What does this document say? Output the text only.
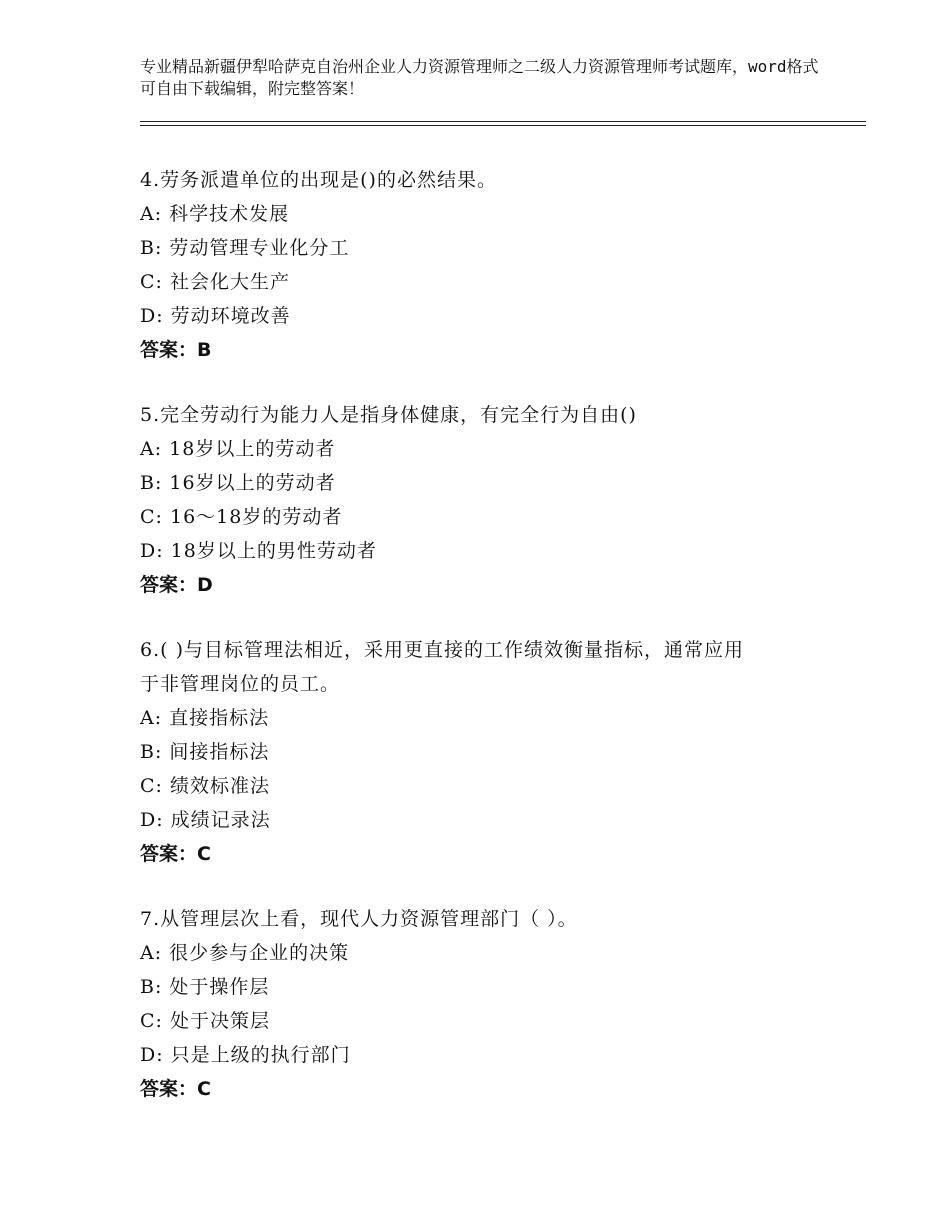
专业精品新疆伊犁哈萨克自治州企业人力资源管理师之二级人力资源管理师考试题库，word格式可自由下载编辑，附完整答案！
4.劳务派遣单位的出现是()的必然结果。
A: 科学技术发展
B: 劳动管理专业化分工
C: 社会化大生产
D: 劳动环境改善
答案：B
5.完全劳动行为能力人是指身体健康，有完全行为自由()
A: 18岁以上的劳动者
B: 16岁以上的劳动者
C: 16～18岁的劳动者
D: 18岁以上的男性劳动者
答案：D
6.( )与目标管理法相近，采用更直接的工作绩效衡量指标，通常应用
于非管理岗位的员工。
A: 直接指标法
B: 间接指标法
C: 绩效标准法
D: 成绩记录法
答案：C
7.从管理层次上看，现代人力资源管理部门（ ）。
A: 很少参与企业的决策
B: 处于操作层
C: 处于决策层
D: 只是上级的执行部门
答案：C
